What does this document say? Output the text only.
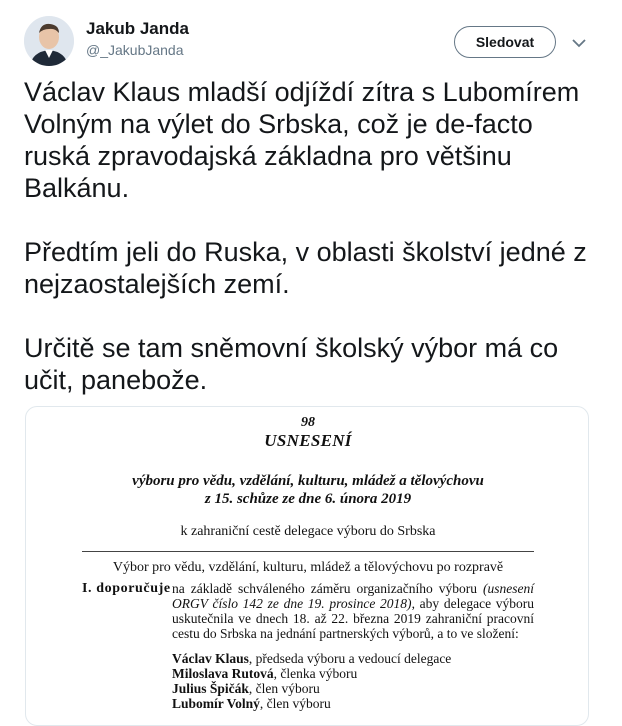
Jakub Janda
@_JakubJanda	Sledovat

Václav Klaus mladší odjíždí zítra s Lubomírem Volným na výlet do Srbska, což je de-facto ruská zpravodajská základna pro většinu Balkánu.

Předtím jeli do Ruska, v oblasti školství jedné z nejzaostalejších zemí.

Určitě se tam sněmovní školský výbor má co učit, panebože.

98
USNESENÍ
výboru pro vědu, vzdělání, kulturu, mládež a tělovýchovu
z 15. schůze ze dne 6. února 2019
k zahraniční cestě delegace výboru do Srbska
Výbor pro vědu, vzdělání, kulturu, mládež a tělovýchovu po rozpravě
I. doporučuje na základě schváleného záměru organizačního výboru (usnesení ORGV číslo 142 ze dne 19. prosince 2018), aby delegace výboru uskutečnila ve dnech 18. až 22. března 2019 zahraniční pracovní cestu do Srbska na jednání partnerských výborů, a to ve složení:
Václav Klaus, předseda výboru a vedoucí delegace
Miloslava Rutová, členka výboru
Julius Špičák, člen výboru
Lubomír Volný, člen výboru
